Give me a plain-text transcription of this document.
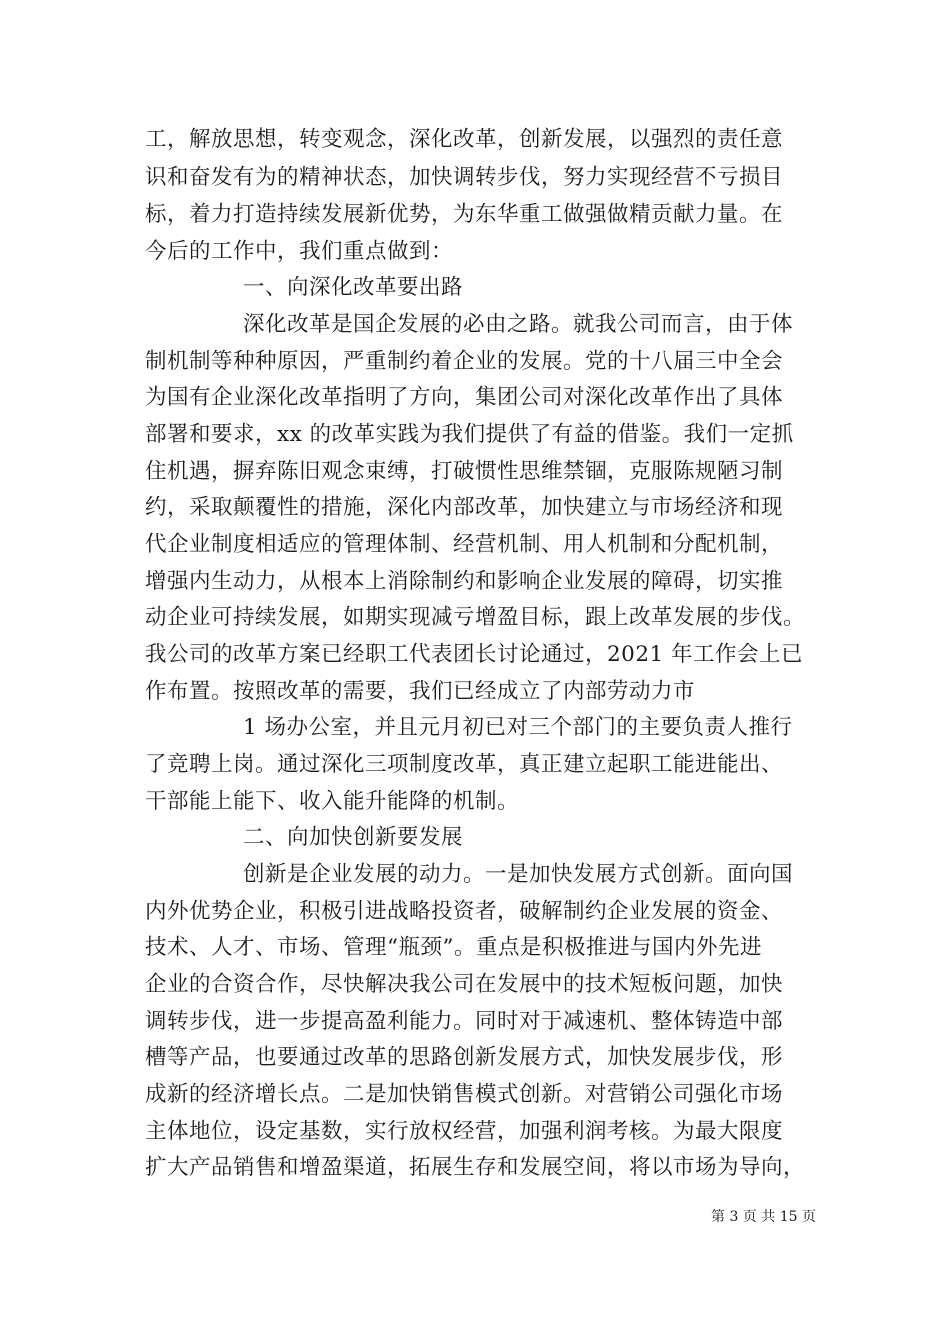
工，解放思想，转变观念，深化改革，创新发展，以强烈的责任意
识和奋发有为的精神状态，加快调转步伐，努力实现经营不亏损目
标，着力打造持续发展新优势，为东华重工做强做精贡献力量。在
今后的工作中，我们重点做到：
一、向深化改革要出路
深化改革是国企发展的必由之路。就我公司而言，由于体
制机制等种种原因，严重制约着企业的发展。党的十八届三中全会
为国有企业深化改革指明了方向，集团公司对深化改革作出了具体
部署和要求，xx 的改革实践为我们提供了有益的借鉴。我们一定抓
住机遇，摒弃陈旧观念束缚，打破惯性思维禁锢，克服陈规陋习制
约，采取颠覆性的措施，深化内部改革，加快建立与市场经济和现
代企业制度相适应的管理体制、经营机制、用人机制和分配机制，
增强内生动力，从根本上消除制约和影响企业发展的障碍，切实推
动企业可持续发展，如期实现减亏增盈目标，跟上改革发展的步伐。
我公司的改革方案已经职工代表团长讨论通过，2021 年工作会上已
作布置。按照改革的需要，我们已经成立了内部劳动力市
1 场办公室，并且元月初已对三个部门的主要负责人推行
了竞聘上岗。通过深化三项制度改革，真正建立起职工能进能出、
干部能上能下、收入能升能降的机制。
二、向加快创新要发展
创新是企业发展的动力。一是加快发展方式创新。面向国
内外优势企业，积极引进战略投资者，破解制约企业发展的资金、
技术、人才、市场、管理“瓶颈”。重点是积极推进与国内外先进
企业的合资合作，尽快解决我公司在发展中的技术短板问题，加快
调转步伐，进一步提高盈利能力。同时对于减速机、整体铸造中部
槽等产品，也要通过改革的思路创新发展方式，加快发展步伐，形
成新的经济增长点。二是加快销售模式创新。对营销公司强化市场
主体地位，设定基数，实行放权经营，加强利润考核。为最大限度
扩大产品销售和增盈渠道，拓展生存和发展空间，将以市场为导向，
第 3 页 共 15 页
